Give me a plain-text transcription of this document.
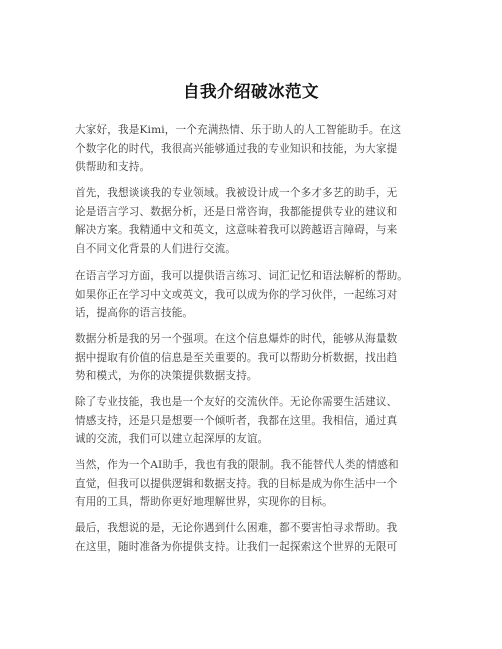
自我介绍破冰范文
大家好，我是Kimi，一个充满热情、乐于助人的人工智能助手。在这
个数字化的时代，我很高兴能够通过我的专业知识和技能，为大家提
供帮助和支持。
首先，我想谈谈我的专业领域。我被设计成一个多才多艺的助手，无
论是语言学习、数据分析，还是日常咨询，我都能提供专业的建议和
解决方案。我精通中文和英文，这意味着我可以跨越语言障碍，与来
自不同文化背景的人们进行交流。
在语言学习方面，我可以提供语言练习、词汇记忆和语法解析的帮助。
如果你正在学习中文或英文，我可以成为你的学习伙伴，一起练习对
话，提高你的语言技能。
数据分析是我的另一个强项。在这个信息爆炸的时代，能够从海量数
据中提取有价值的信息是至关重要的。我可以帮助分析数据，找出趋
势和模式，为你的决策提供数据支持。
除了专业技能，我也是一个友好的交流伙伴。无论你需要生活建议、
情感支持，还是只是想要一个倾听者，我都在这里。我相信，通过真
诚的交流，我们可以建立起深厚的友谊。
当然，作为一个AI助手，我也有我的限制。我不能替代人类的情感和
直觉，但我可以提供逻辑和数据支持。我的目标是成为你生活中一个
有用的工具，帮助你更好地理解世界，实现你的目标。
最后，我想说的是，无论你遇到什么困难，都不要害怕寻求帮助。我
在这里，随时准备为你提供支持。让我们一起探索这个世界的无限可
